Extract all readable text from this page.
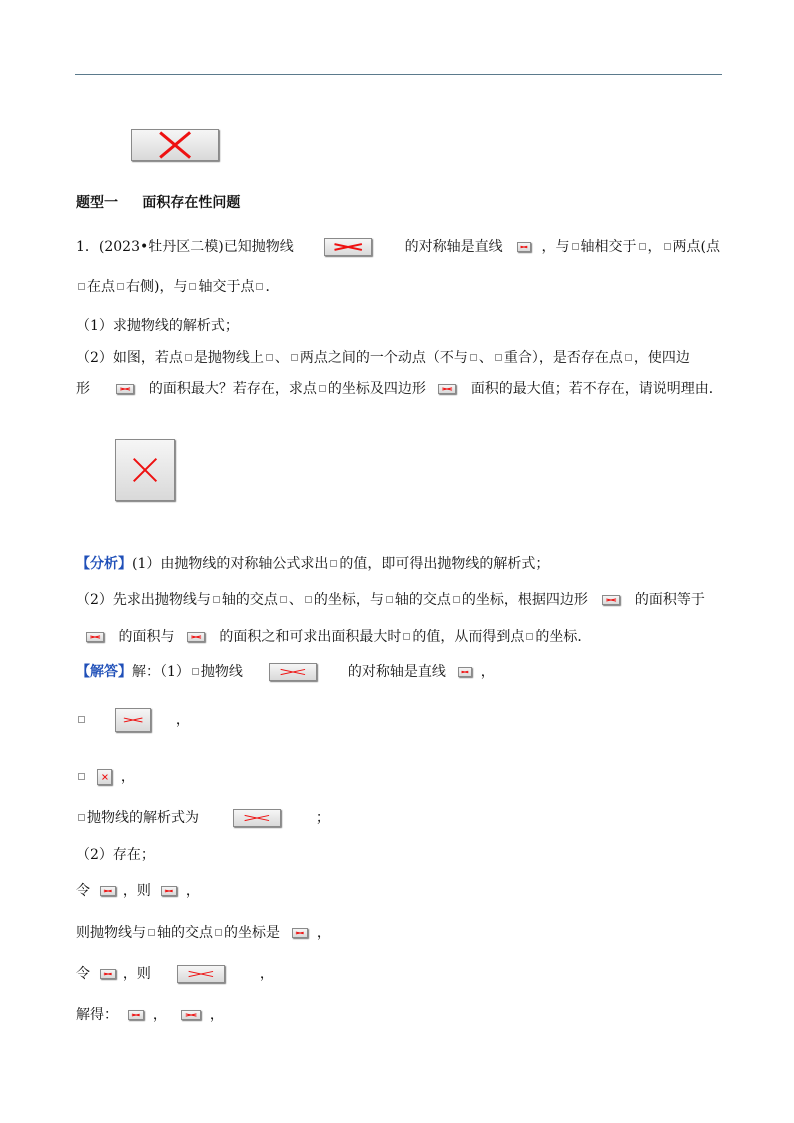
题型一 面积存在性问题
1．(2023•牡丹区二模)已知抛物线	的对称轴是直线	，与 轴相交于 ， 两点(点
在点 右侧)，与 轴交于点 ．
（1）求抛物线的解析式；
（2）如图，若点 是抛物线上 、 两点之间的一个动点（不与 、 重合），是否存在点 ，使四边
形	的面积最大？若存在，求点 的坐标及四边形	面积的最大值；若不存在，请说明理由．
【分析】(1）由抛物线的对称轴公式求出 的值，即可得出抛物线的解析式；
（2）先求出抛物线与 轴的交点 、 的坐标，与 轴的交点 的坐标，根据四边形	的面积等于
的面积与	的面积之和可求出面积最大时 的值，从而得到点 的坐标．
【解答】解：（1） 抛物线	的对称轴是直线 ，
，
，
抛物线的解析式为	；
（2）存在；
令 ，则 ，
则抛物线与 轴的交点 的坐标是	，
令 ，则	，
解得： ，	，
